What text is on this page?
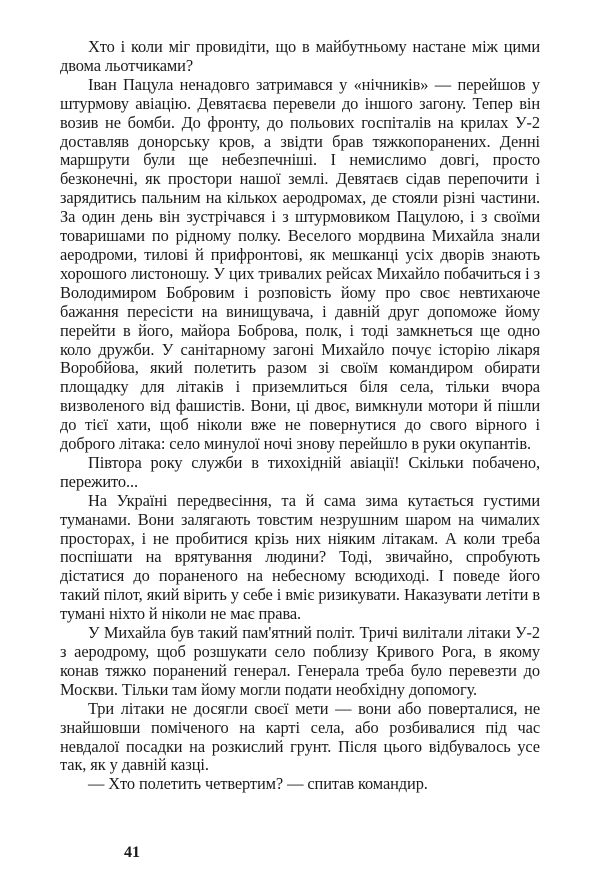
Хто і коли міг провидіти, що в майбутньому настане між цими двома льотчиками?

Іван Пацула ненадовго затримався у «нічників» — перейшов у штурмову авіацію. Девятаєва перевели до іншого загону. Тепер він возив не бомби. До фронту, до польових госпіталів на крилах У-2 доставляв донорську кров, а звідти брав тяжкопоранених. Денні маршрути були ще небезпечніші. І немислимо довгі, просто безконечні, як простори нашої землі. Девятаєв сідав перепочити і зарядитись пальним на кількох аеродромах, де стояли різні частини. За один день він зустрічався і з штурмовиком Пацулою, і з своїми товаришами по рідному полку. Веселого мордвина Михайла знали аеродроми, тилові й прифронтові, як мешканці усіх дворів знають хорошого листоношу. У цих тривалих рейсах Михайло побачиться і з Володимиром Бобровим і розповість йому про своє невтихаюче бажання пересісти на винищувача, і давній друг допоможе йому перейти в його, майора Боброва, полк, і тоді замкнеться ще одно коло дружби. У санітарному загоні Михайло почує історію лікаря Воробйова, який полетить разом зі своїм командиром обирати площадку для літаків і приземлиться біля села, тільки вчора визволеного від фашистів. Вони, ці двоє, вимкнули мотори й пішли до тієї хати, щоб ніколи вже не повернутися до свого вірного і доброго літака: село минулої ночі знову перейшло в руки окупантів.

Півтора року служби в тихохідній авіації! Скільки побачено, пережито...

На Україні передвесіння, та й сама зима кутається густими туманами. Вони залягають товстим незрушним шаром на чималих просторах, і не пробитися крізь них ніяким літакам. А коли треба поспішати на врятування людини? Тоді, звичайно, спробують дістатися до пораненого на небесному всюдиході. І поведе його такий пілот, який вірить у себе і вміє ризикувати. Наказувати летіти в тумані ніхто й ніколи не має права.

У Михайла був такий пам'ятний політ. Тричі вилітали літаки У-2 з аеродрому, щоб розшукати село поблизу Кривого Рога, в якому конав тяжко поранений генерал. Генерала треба було перевезти до Москви. Тільки там йому могли подати необхідну допомогу.

Три літаки не досягли своєї мети — вони або поверталися, не знайшовши поміченого на карті села, або розбивалися під час невдалої посадки на розкислий грунт. Після цього відбувалось усе так, як у давній казці.

— Хто полетить четвертим? — спитав командир.

41
